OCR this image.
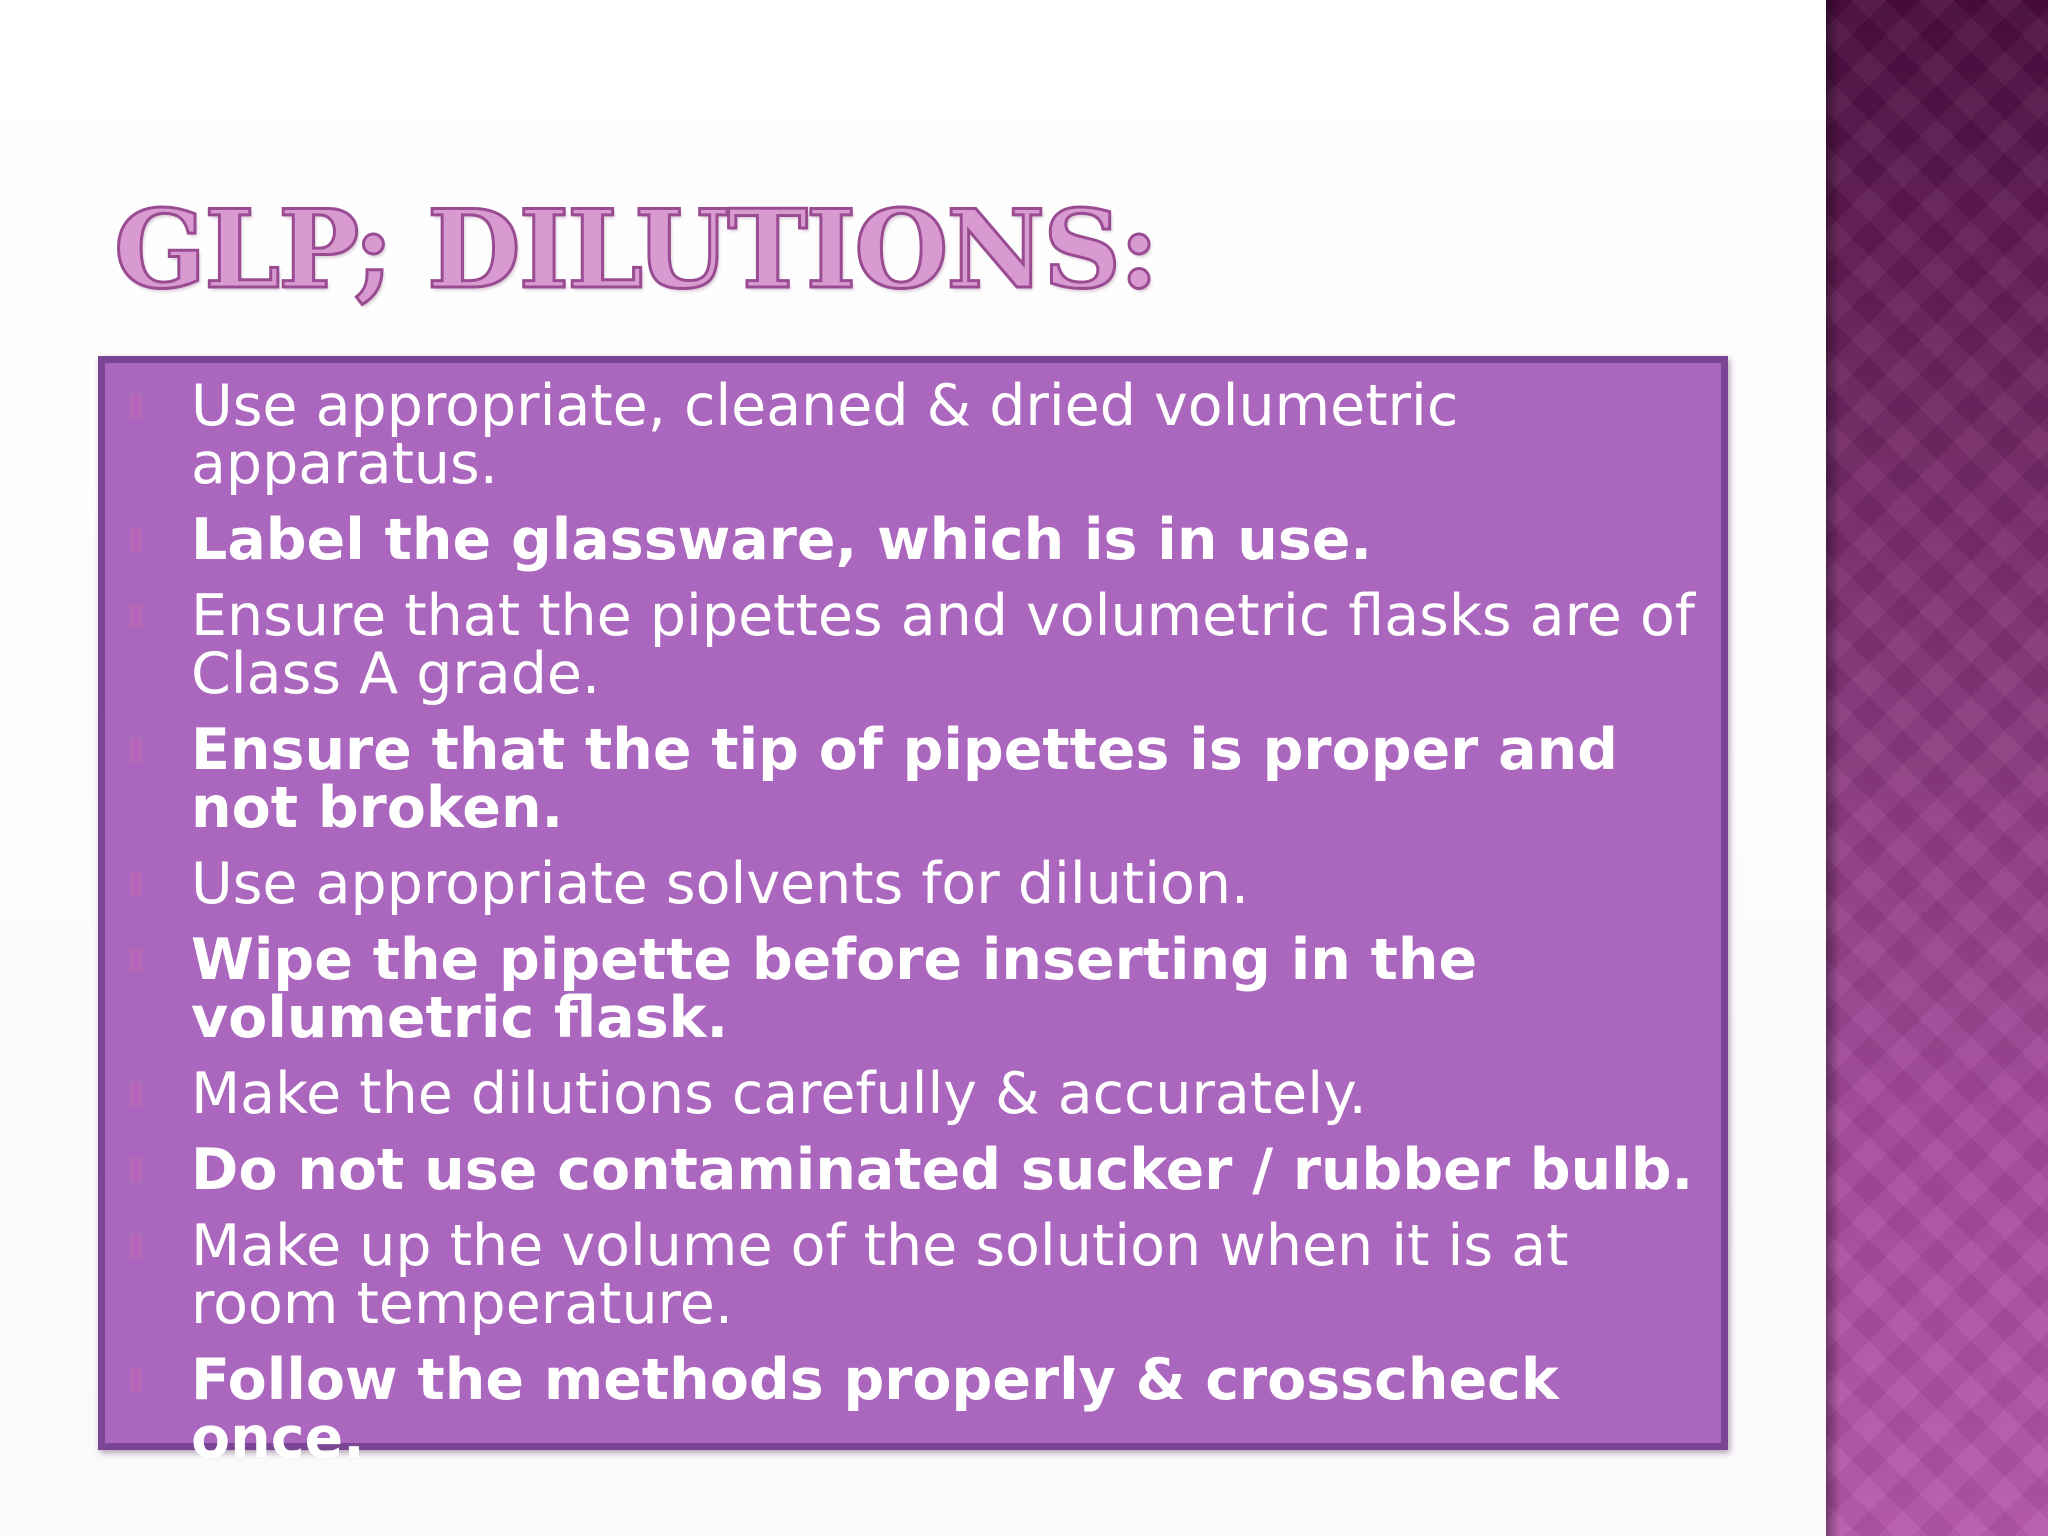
GLP; DILUTIONS:
Use appropriate, cleaned & dried volumetric apparatus.
Label the glassware, which is in use.
Ensure that the pipettes and volumetric flasks are of Class A grade.
Ensure that the tip of pipettes is proper and not broken.
Use appropriate solvents for dilution.
Wipe the pipette before inserting in the volumetric flask.
Make the dilutions carefully & accurately.
Do not use contaminated sucker / rubber bulb.
Make up the volume of the solution when it is at room temperature.
Follow the methods properly & crosscheck once.
